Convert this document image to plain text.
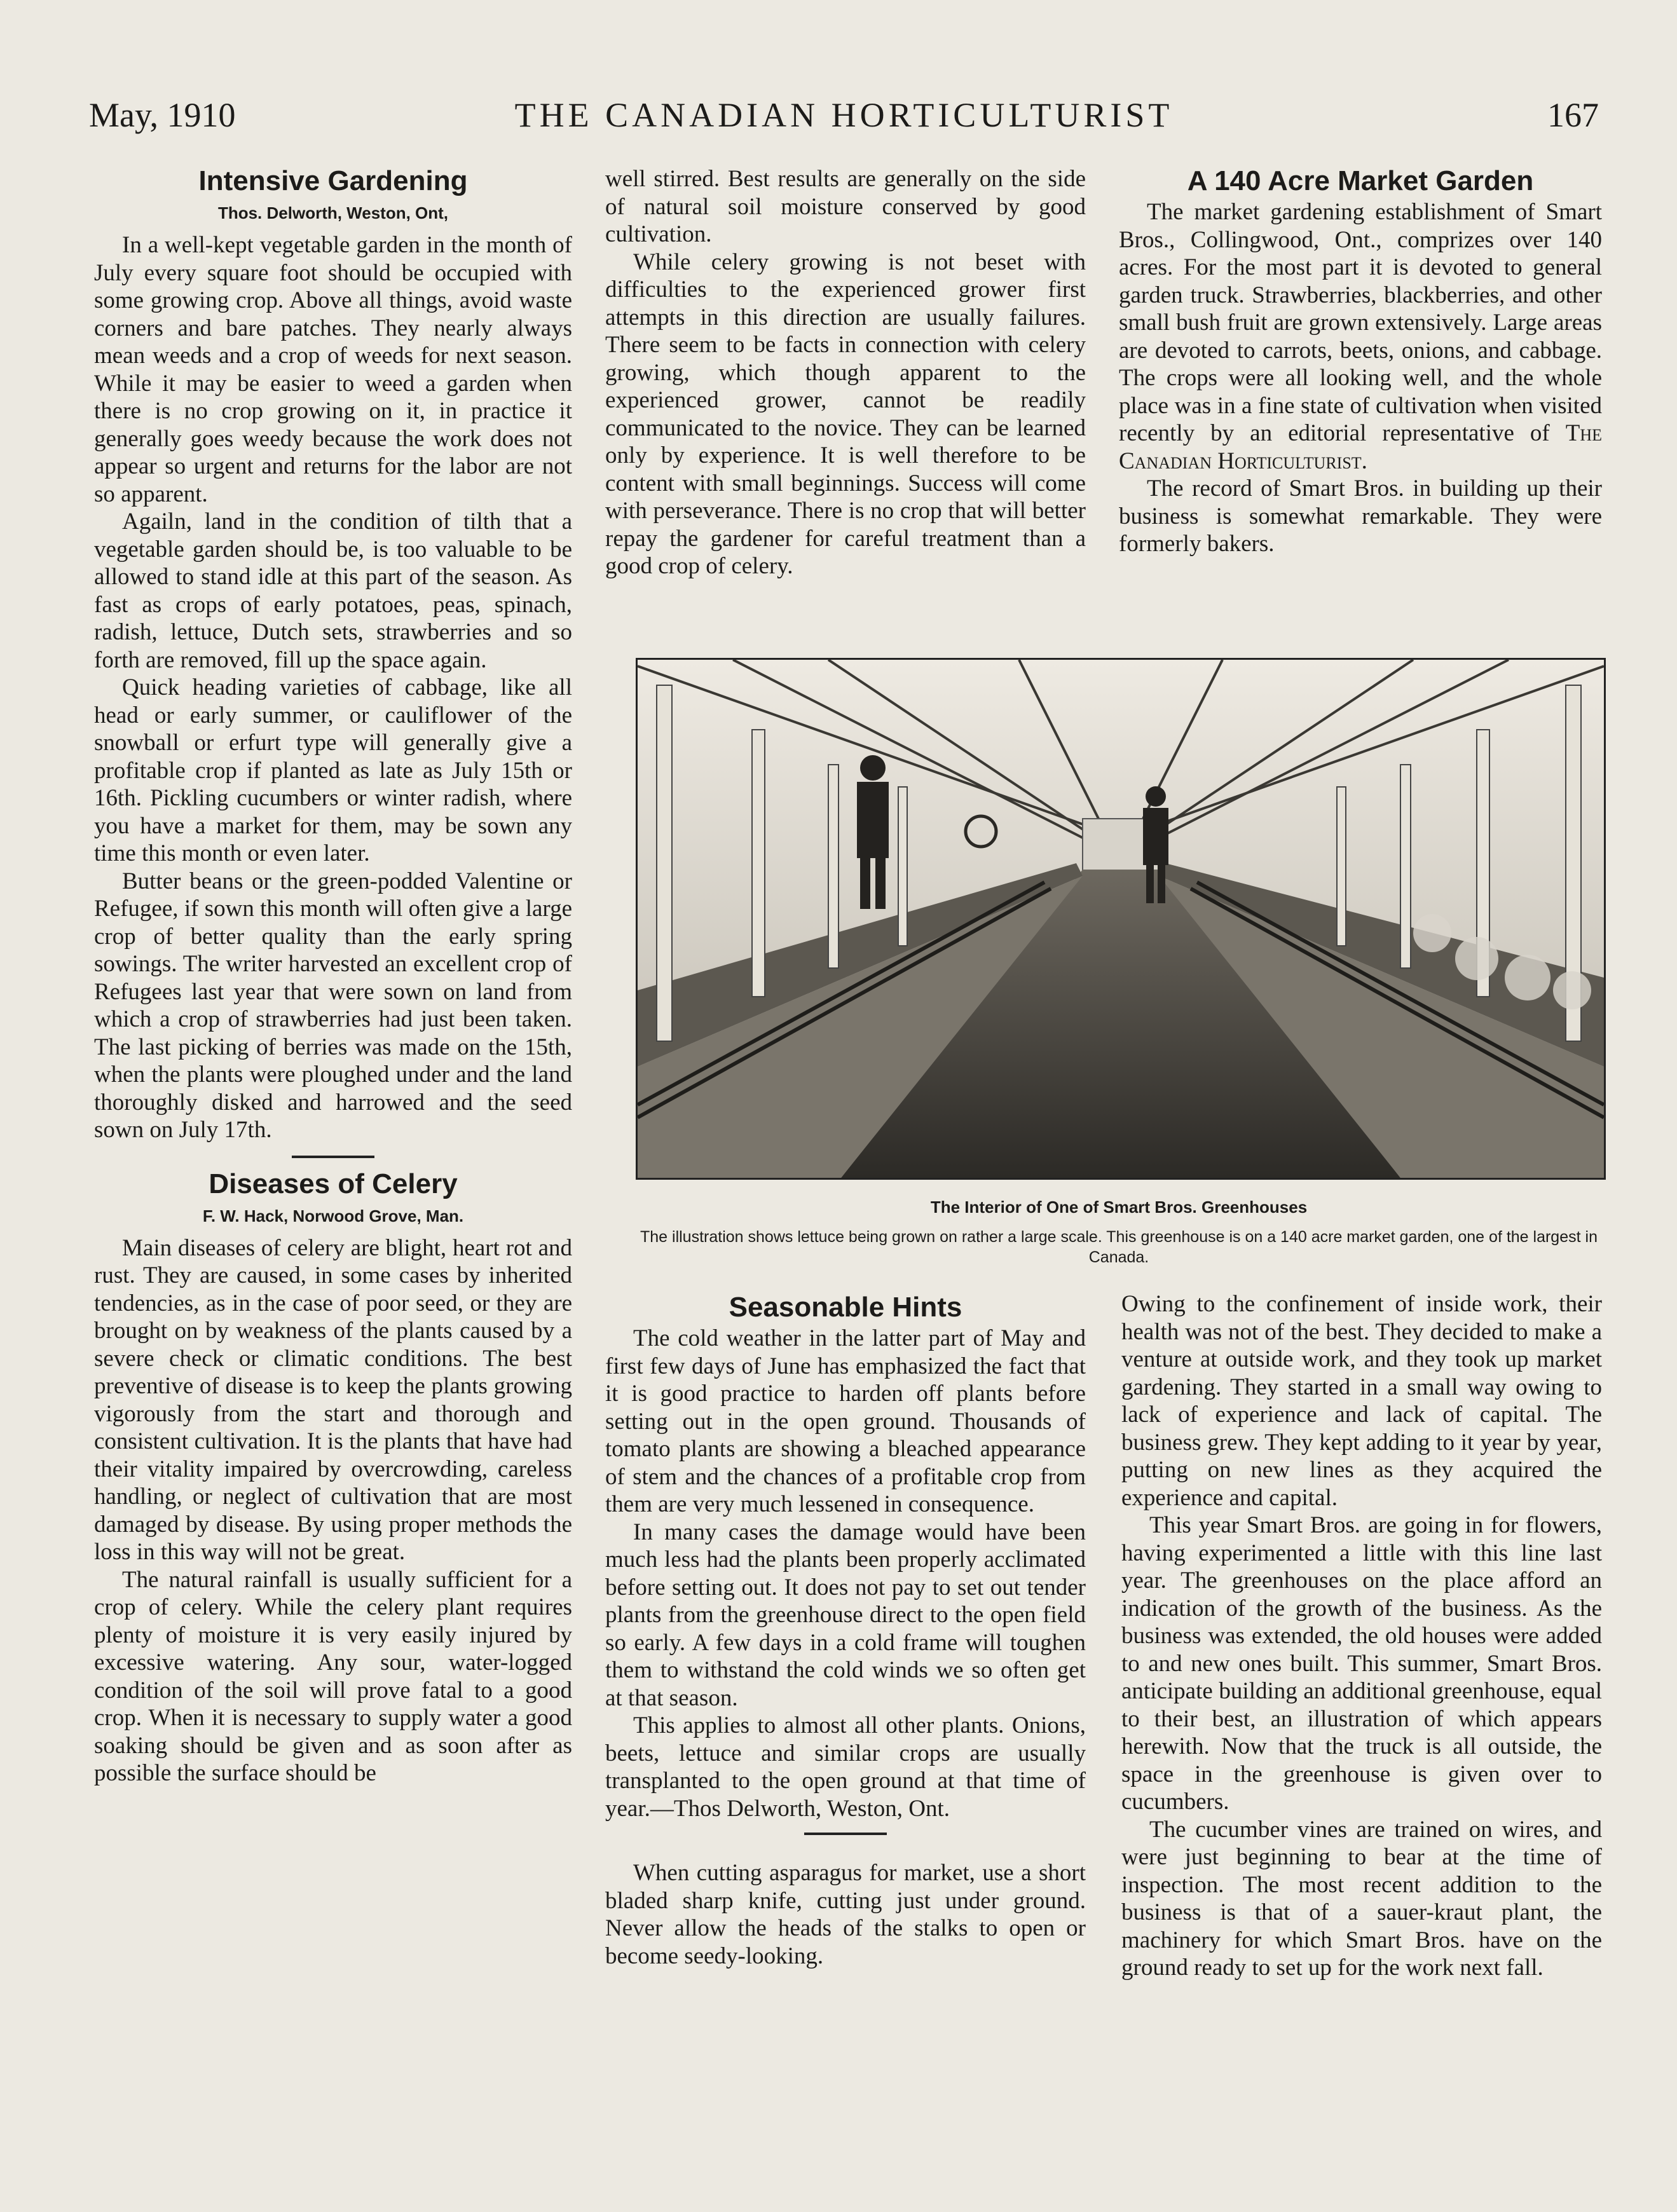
May, 1910	THE CANADIAN HORTICULTURIST	167
Intensive Gardening
Thos. Delworth, Weston, Ont,

In a well-kept vegetable garden in the month of July every square foot should be occupied with some growing crop. Above all things, avoid waste corners and bare patches. They nearly always mean weeds and a crop of weeds for next season. While it may be easier to weed a garden when there is no crop growing on it, in practice it generally goes weedy because the work does not appear so urgent and returns for the labor are not so apparent.

Agailn, land in the condition of tilth that a vegetable garden should be, is too valuable to be allowed to stand idle at this part of the season. As fast as crops of early potatoes, peas, spinach, radish, lettuce, Dutch sets, strawberries and so forth are removed, fill up the space again.

Quick heading varieties of cabbage, like all head or early summer, or cauliflower of the snowball or erfurt type will generally give a profitable crop if planted as late as July 15th or 16th. Pickling cucumbers or winter radish, where you have a market for them, may be sown any time this month or even later.

Butter beans or the green-podded Valentine or Refugee, if sown this month will often give a large crop of better quality than the early spring sowings. The writer harvested an excellent crop of Refugees last year that were sown on land from which a crop of strawberries had just been taken. The last picking of berries was made on the 15th, when the plants were ploughed under and the land thoroughly disked and harrowed and the seed sown on July 17th.

Diseases of Celery
F. W. Hack, Norwood Grove, Man.

Main diseases of celery are blight, heart rot and rust. They are caused, in some cases by inherited tendencies, as in the case of poor seed, or they are brought on by weakness of the plants caused by a severe check or climatic conditions. The best preventive of disease is to keep the plants growing vigorously from the start and thorough and consistent cultivation. It is the plants that have had their vitality impaired by overcrowding, careless handling, or neglect of cultivation that are most damaged by disease. By using proper methods the loss in this way will not be great.

The natural rainfall is usually sufficient for a crop of celery. While the celery plant requires plenty of moisture it is very easily injured by excessive watering. Any sour, water-logged condition of the soil will prove fatal to a good crop. When it is necessary to supply water a good soaking should be given and as soon after as possible the surface should be

well stirred. Best results are generally on the side of natural soil moisture conserved by good cultivation.

While celery growing is not beset with difficulties to the experienced grower first attempts in this direction are usually failures. There seem to be facts in connection with celery growing, which though apparent to the experienced grower, cannot be readily communicated to the novice. They can be learned only by experience. It is well therefore to be content with small beginnings. Success will come with perseverance. There is no crop that will better repay the gardener for careful treatment than a good crop of celery.

A 140 Acre Market Garden

The market gardening establishment of Smart Bros., Collingwood, Ont., comprizes over 140 acres. For the most part it is devoted to general garden truck. Strawberries, blackberries, and other small bush fruit are grown extensively. Large areas are devoted to carrots, beets, onions, and cabbage. The crops were all looking well, and the whole place was in a fine state of cultivation when visited recently by an editorial representative of The Canadian Horticulturist.

The record of Smart Bros. in building up their business is somewhat remarkable. They were formerly bakers.

The Interior of One of Smart Bros. Greenhouses
The illustration shows lettuce being grown on rather a large scale. This greenhouse is on a 140 acre market garden, one of the largest in Canada.
Seasonable Hints

The cold weather in the latter part of May and first few days of June has emphasized the fact that it is good practice to harden off plants before setting out in the open ground. Thousands of tomato plants are showing a bleached appearance of stem and the chances of a profitable crop from them are very much lessened in consequence.

In many cases the damage would have been much less had the plants been properly acclimated before setting out. It does not pay to set out tender plants from the greenhouse direct to the open field so early. A few days in a cold frame will toughen them to withstand the cold winds we so often get at that season.

This applies to almost all other plants. Onions, beets, lettuce and similar crops are usually transplanted to the open ground at that time of year.—Thos Delworth, Weston, Ont.

When cutting asparagus for market, use a short bladed sharp knife, cutting just under ground. Never allow the heads of the stalks to open or become seedy-looking.

Owing to the confinement of inside work, their health was not of the best. They decided to make a venture at outside work, and they took up market gardening. They started in a small way owing to lack of experience and lack of capital. The business grew. They kept adding to it year by year, putting on new lines as they acquired the experience and capital.

This year Smart Bros. are going in for flowers, having experimented a little with this line last year. The greenhouses on the place afford an indication of the growth of the business. As the business was extended, the old houses were added to and new ones built. This summer, Smart Bros. anticipate building an additional greenhouse, equal to their best, an illustration of which appears herewith. Now that the truck is all outside, the space in the greenhouse is given over to cucumbers.

The cucumber vines are trained on wires, and were just beginning to bear at the time of inspection. The most recent addition to the business is that of a sauer-kraut plant, the machinery for which Smart Bros. have on the ground ready to set up for the work next fall.
